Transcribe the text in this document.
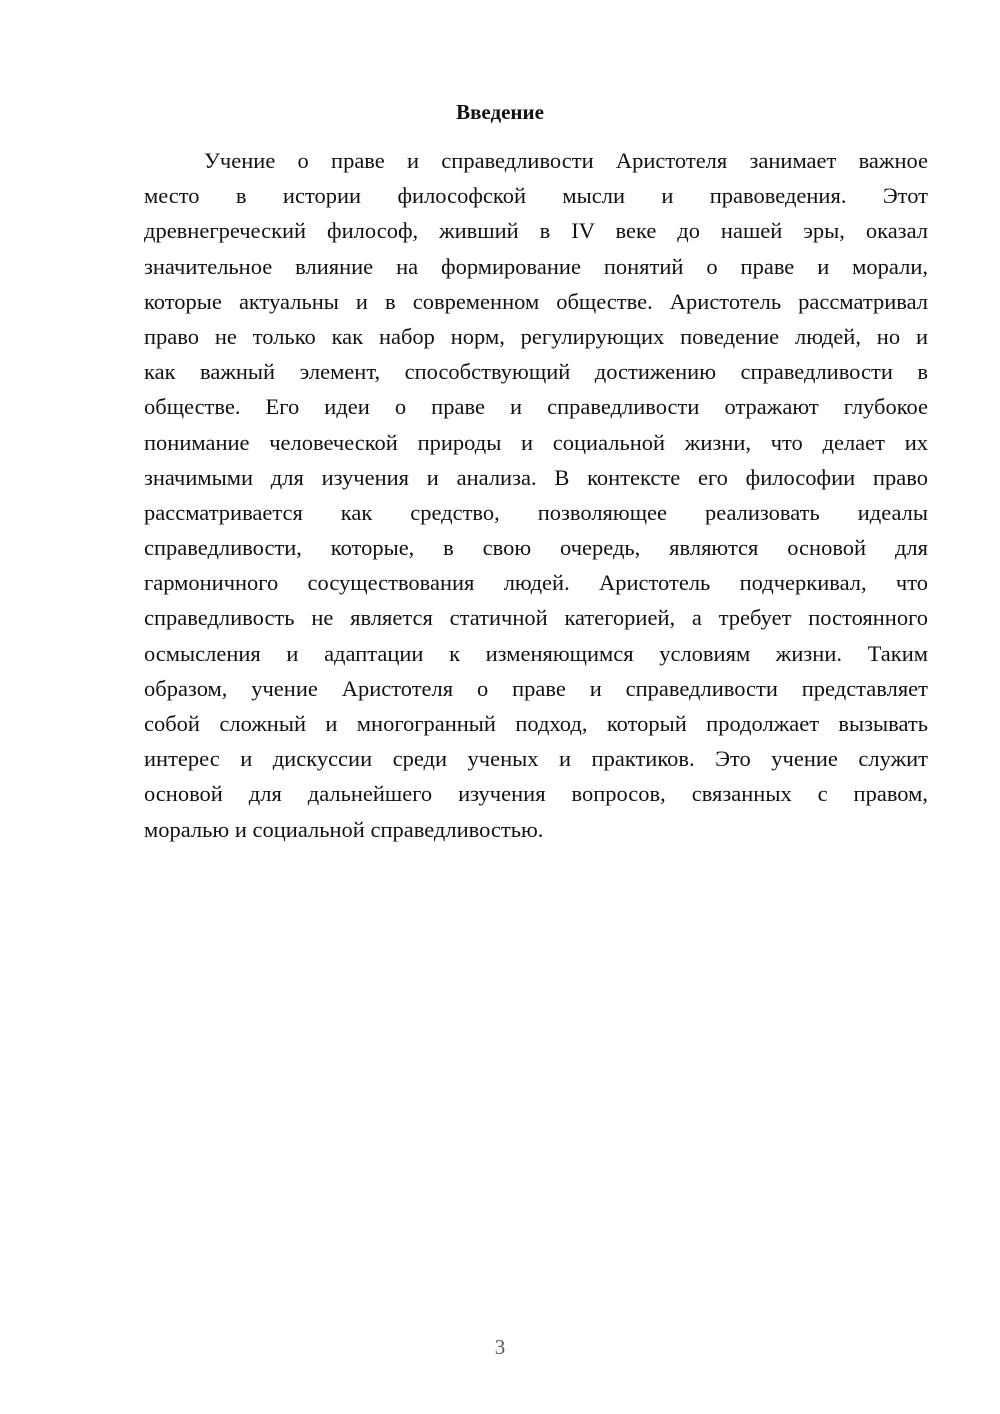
Введение
Учение о праве и справедливости Аристотеля занимает важное
место в истории философской мысли и правоведения. Этот
древнегреческий философ, живший в IV веке до нашей эры, оказал
значительное влияние на формирование понятий о праве и морали,
которые актуальны и в современном обществе. Аристотель рассматривал
право не только как набор норм, регулирующих поведение людей, но и
как важный элемент, способствующий достижению справедливости в
обществе. Его идеи о праве и справедливости отражают глубокое
понимание человеческой природы и социальной жизни, что делает их
значимыми для изучения и анализа. В контексте его философии право
рассматривается как средство, позволяющее реализовать идеалы
справедливости, которые, в свою очередь, являются основой для
гармоничного сосуществования людей. Аристотель подчеркивал, что
справедливость не является статичной категорией, а требует постоянного
осмысления и адаптации к изменяющимся условиям жизни. Таким
образом, учение Аристотеля о праве и справедливости представляет
собой сложный и многогранный подход, который продолжает вызывать
интерес и дискуссии среди ученых и практиков. Это учение служит
основой для дальнейшего изучения вопросов, связанных с правом,
моралью и социальной справедливостью.
3
